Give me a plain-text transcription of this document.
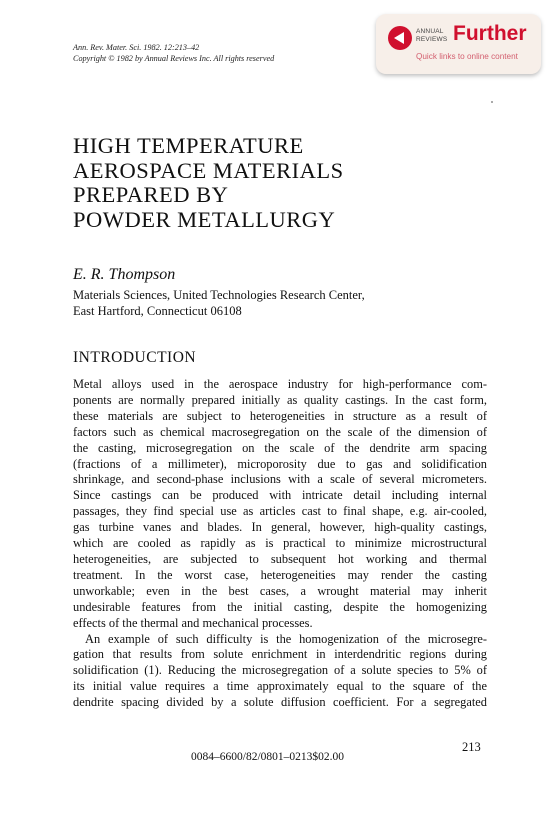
Ann. Rev. Mater. Sci. 1982. 12:213–42
Copyright © 1982 by Annual Reviews Inc. All rights reserved
ANNUAL REVIEWS Further
Quick links to online content
HIGH TEMPERATURE
AEROSPACE MATERIALS
PREPARED BY
POWDER METALLURGY
E. R. Thompson
Materials Sciences, United Technologies Research Center,
East Hartford, Connecticut 06108
INTRODUCTION
Metal alloys used in the aerospace industry for high-performance com-
ponents are normally prepared initially as quality castings. In the cast form,
these materials are subject to heterogeneities in structure as a result of
factors such as chemical macrosegregation on the scale of the dimension of
the casting, microsegregation on the scale of the dendrite arm spacing
(fractions of a millimeter), microporosity due to gas and solidification
shrinkage, and second-phase inclusions with a scale of several micrometers.
Since castings can be produced with intricate detail including internal
passages, they find special use as articles cast to final shape, e.g. air-cooled,
gas turbine vanes and blades. In general, however, high-quality castings,
which are cooled as rapidly as is practical to minimize microstructural
heterogeneities, are subjected to subsequent hot working and thermal
treatment. In the worst case, heterogeneities may render the casting
unworkable; even in the best cases, a wrought material may inherit
undesirable features from the initial casting, despite the homogenizing
effects of the thermal and mechanical processes.
An example of such difficulty is the homogenization of the microsegre-
gation that results from solute enrichment in interdendritic regions during
solidification (1). Reducing the microsegregation of a solute species to 5% of
its initial value requires a time approximately equal to the square of the
dendrite spacing divided by a solute diffusion coefficient. For a segregated
213
0084–6600/82/0801–0213$02.00
